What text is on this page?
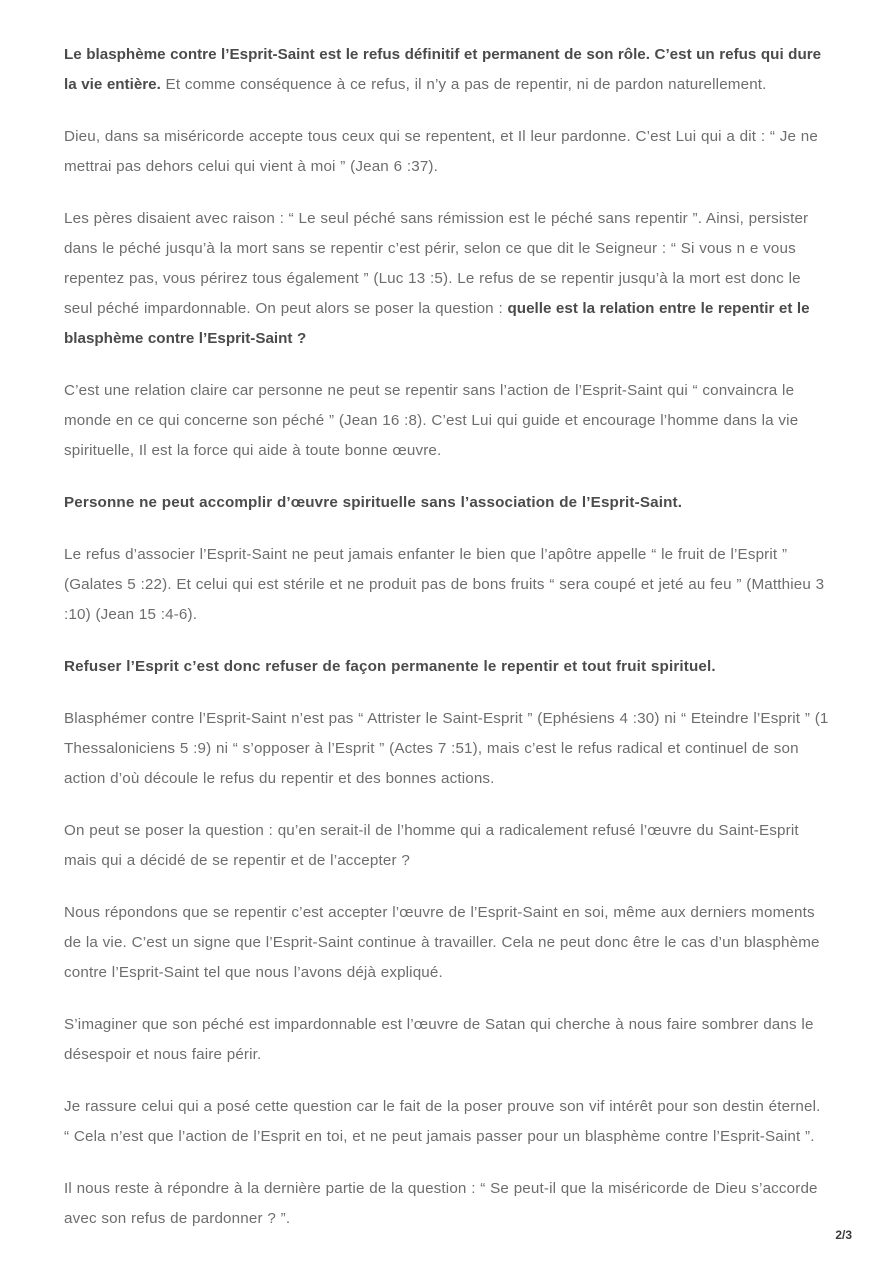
Le blasphème contre l’Esprit-Saint est le refus définitif et permanent de son rôle. C’est un refus qui dure la vie entière. Et comme conséquence à ce refus, il n’y a pas de repentir, ni de pardon naturellement.

Dieu, dans sa miséricorde accepte tous ceux qui se repentent, et Il leur pardonne. C’est Lui qui a dit : “ Je ne mettrai pas dehors celui qui vient à moi ” (Jean 6 :37).

Les pères disaient avec raison : “ Le seul péché sans rémission est le péché sans repentir ”. Ainsi, persister dans le péché jusqu’à la mort sans se repentir c’est périr, selon ce que dit le Seigneur : “ Si vous n e vous repentez pas, vous périrez tous également ” (Luc 13 :5). Le refus de se repentir jusqu’à la mort est donc le seul péché impardonnable. On peut alors se poser la question : quelle est la relation entre le repentir et le blasphème contre l’Esprit-Saint ?

C’est une relation claire car personne ne peut se repentir sans l’action de l’Esprit-Saint qui “ convaincra le monde en ce qui concerne son péché ” (Jean 16 :8). C’est Lui qui guide et encourage l’homme dans la vie spirituelle, Il est la force qui aide à toute bonne œuvre.

Personne ne peut accomplir d’œuvre spirituelle sans l’association de l’Esprit-Saint.

Le refus d’associer l’Esprit-Saint ne peut jamais enfanter le bien que l’apôtre appelle “ le fruit de l’Esprit ” (Galates 5 :22). Et celui qui est stérile et ne produit pas de bons fruits “ sera coupé et jeté au feu ” (Matthieu 3 :10) (Jean 15 :4-6).

Refuser l’Esprit c’est donc refuser de façon permanente le repentir et tout fruit spirituel.

Blasphémer contre l’Esprit-Saint n’est pas “ Attrister le Saint-Esprit ” (Ephésiens 4 :30) ni “ Eteindre l’Esprit ” (1 Thessaloniciens 5 :9) ni “ s’opposer à l’Esprit ” (Actes 7 :51), mais c’est le refus radical et continuel de son action d’où découle le refus du repentir et des bonnes actions.

On peut se poser la question : qu’en serait-il de l’homme qui a radicalement refusé l’œuvre du Saint-Esprit mais qui a décidé de se repentir et de l’accepter ?

Nous répondons que se repentir c’est accepter l’œuvre de l’Esprit-Saint en soi, même aux derniers moments de la vie. C’est un signe que l’Esprit-Saint continue à travailler. Cela ne peut donc être le cas d’un blasphème contre l’Esprit-Saint tel que nous l’avons déjà expliqué.

S’imaginer que son péché est impardonnable est l’œuvre de Satan qui cherche à nous faire sombrer dans le désespoir et nous faire périr.

Je rassure celui qui a posé cette question car le fait de la poser prouve son vif intérêt pour son destin éternel. “ Cela n’est que l’action de l’Esprit en toi, et ne peut jamais passer pour un blasphème contre l’Esprit-Saint ”.

Il nous reste à répondre à la dernière partie de la question : “ Se peut-il que la miséricorde de Dieu s’accorde avec son refus de pardonner ? ”.

2/3
